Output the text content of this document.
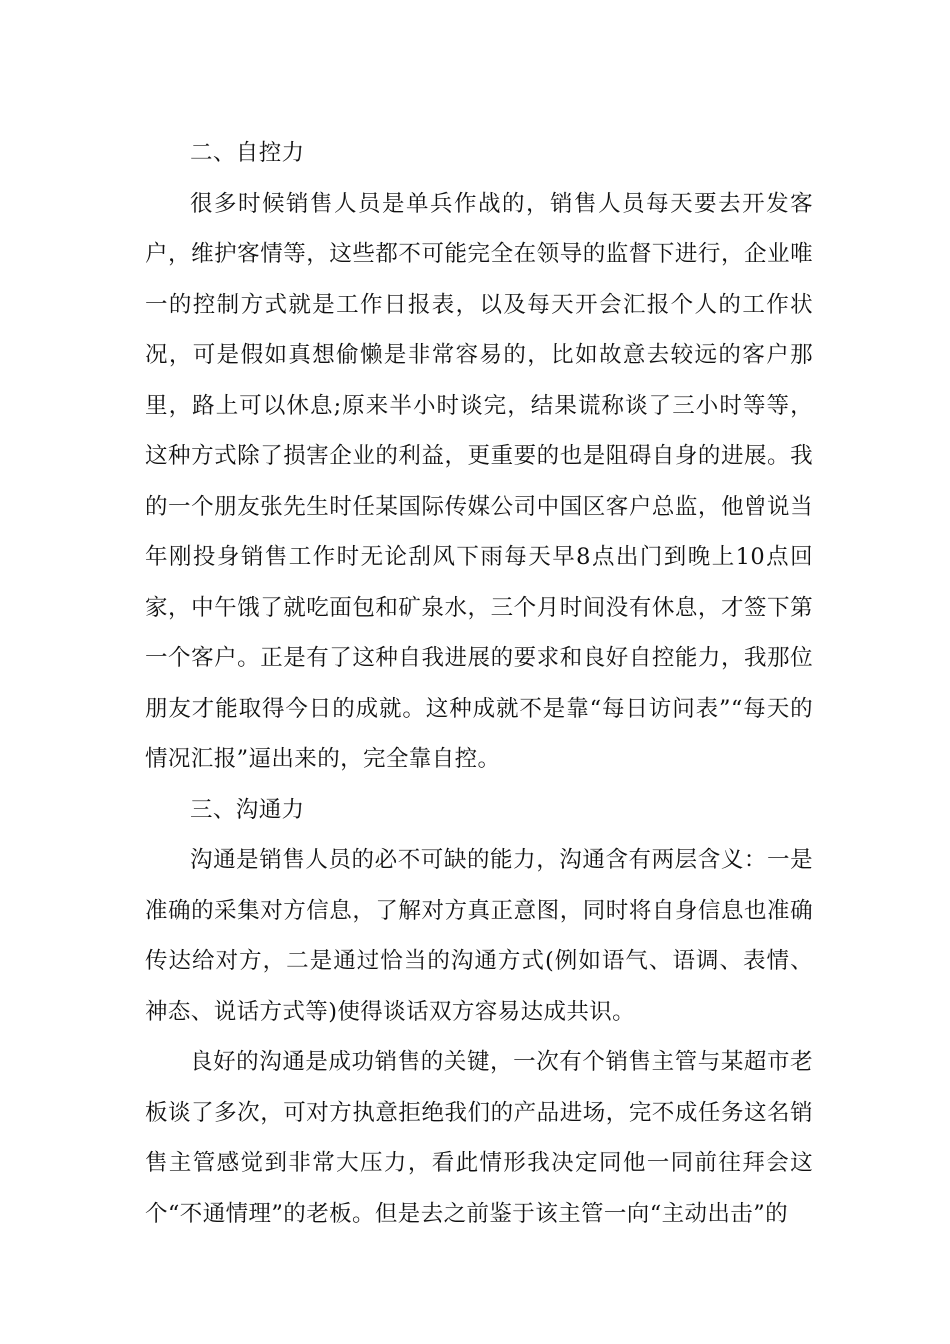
二、自控力

很多时候销售人员是单兵作战的，销售人员每天要去开发客户，维护客情等，这些都不可能完全在领导的监督下进行，企业唯一的控制方式就是工作日报表，以及每天开会汇报个人的工作状况，可是假如真想偷懒是非常容易的，比如故意去较远的客户那里，路上可以休息;原来半小时谈完，结果谎称谈了三小时等等，这种方式除了损害企业的利益，更重要的也是阻碍自身的进展。我的一个朋友张先生时任某国际传媒公司中国区客户总监，他曾说当年刚投身销售工作时无论刮风下雨每天早8点出门到晚上10点回家，中午饿了就吃面包和矿泉水，三个月时间没有休息，才签下第一个客户。正是有了这种自我进展的要求和良好自控能力，我那位朋友才能取得今日的成就。这种成就不是靠“每日访问表”“每天的情况汇报”逼出来的，完全靠自控。

三、沟通力

沟通是销售人员的必不可缺的能力，沟通含有两层含义：一是准确的采集对方信息，了解对方真正意图，同时将自身信息也准确传达给对方，二是通过恰当的沟通方式(例如语气、语调、表情、神态、说话方式等)使得谈话双方容易达成共识。

良好的沟通是成功销售的关键，一次有个销售主管与某超市老板谈了多次，可对方执意拒绝我们的产品进场，完不成任务这名销售主管感觉到非常大压力，看此情形我决定同他一同前往拜会这个“不通情理”的老板。但是去之前鉴于该主管一向“主动出击”的
